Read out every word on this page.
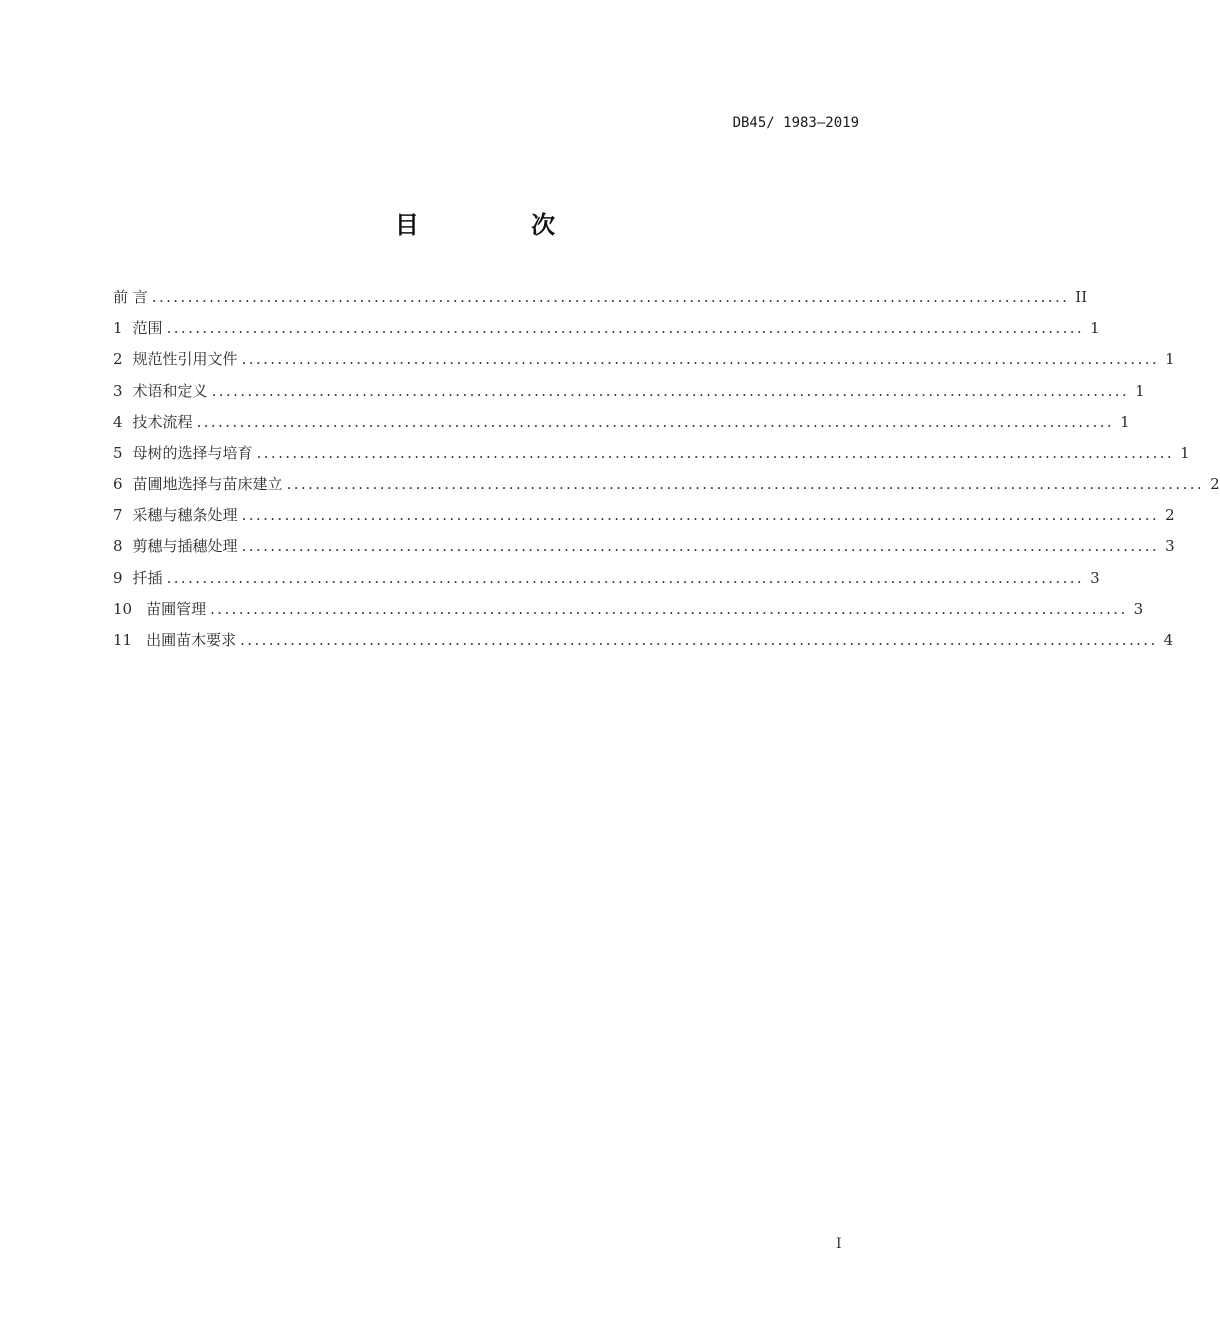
DB45/ 1983—2019
目 次
前 言 ................................................................................................................................ II
1 范围 ................................................................................................................................ 1
2 规范性引用文件 ................................................................................................................................ 1
3 术语和定义 ................................................................................................................................ 1
4 技术流程 ................................................................................................................................ 1
5 母树的选择与培育 ................................................................................................................................ 1
6 苗圃地选择与苗床建立 ................................................................................................................................ 2
7 采穗与穗条处理 ................................................................................................................................ 2
8 剪穗与插穗处理 ................................................................................................................................ 3
9 扦插 ................................................................................................................................ 3
10 苗圃管理 ................................................................................................................................ 3
11 出圃苗木要求 ................................................................................................................................ 4
I
